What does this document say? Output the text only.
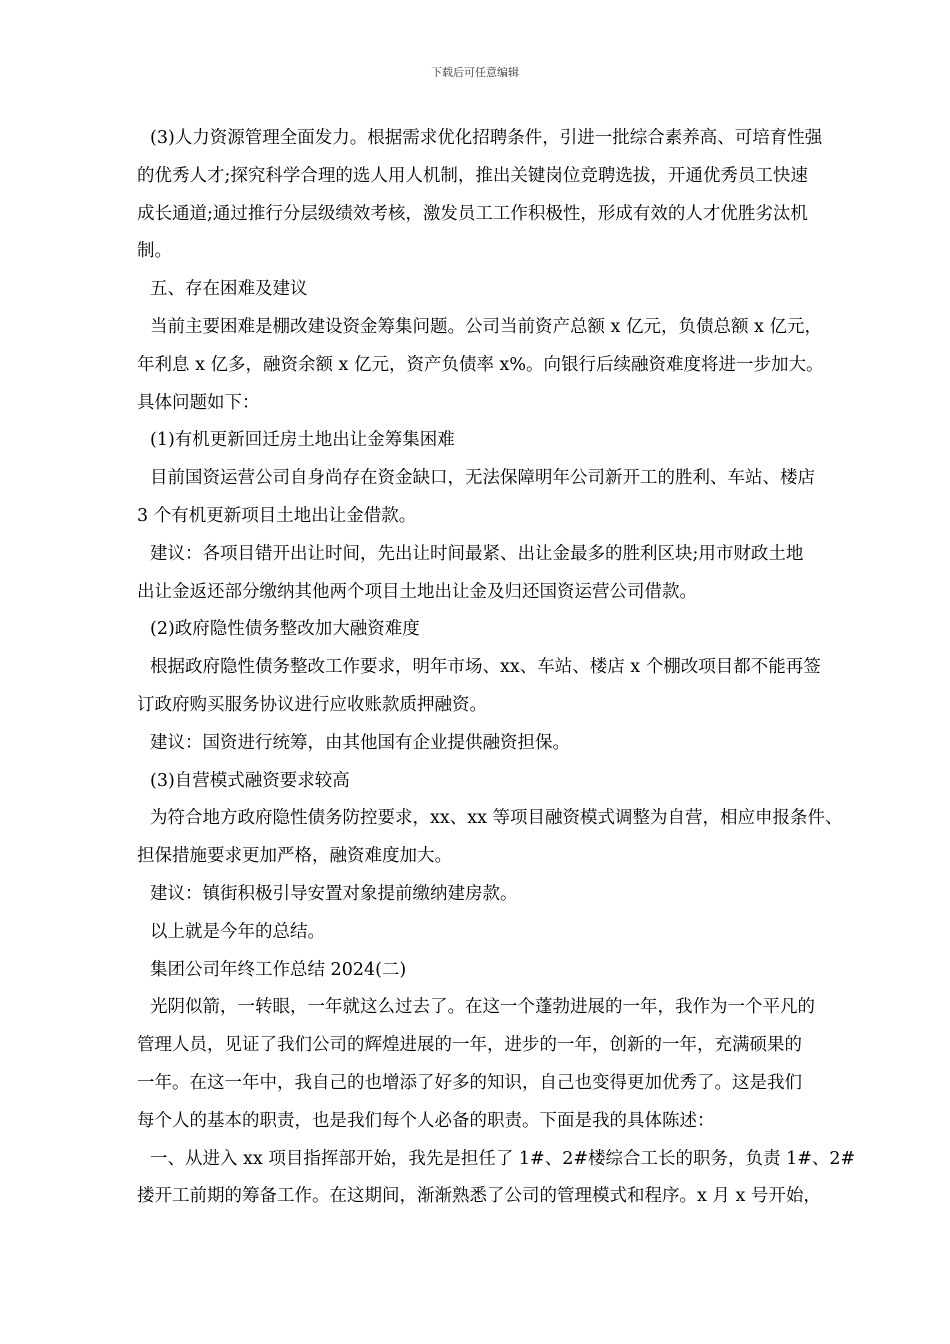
下载后可任意编辑
(3)人力资源管理全面发力。根据需求优化招聘条件，引进一批综合素养高、可培育性强
的优秀人才;探究科学合理的选人用人机制，推出关键岗位竞聘选拔，开通优秀员工快速
成长通道;通过推行分层级绩效考核，激发员工工作积极性，形成有效的人才优胜劣汰机
制。
五、存在困难及建议
当前主要困难是棚改建设资金筹集问题。公司当前资产总额 x 亿元，负债总额 x 亿元，
年利息 x 亿多，融资余额 x 亿元，资产负债率 x%。向银行后续融资难度将进一步加大。
具体问题如下：
(1)有机更新回迁房土地出让金筹集困难
目前国资运营公司自身尚存在资金缺口，无法保障明年公司新开工的胜利、车站、楼店
3 个有机更新项目土地出让金借款。
建议：各项目错开出让时间，先出让时间最紧、出让金最多的胜利区块;用市财政土地
出让金返还部分缴纳其他两个项目土地出让金及归还国资运营公司借款。
(2)政府隐性债务整改加大融资难度
根据政府隐性债务整改工作要求，明年市场、xx、车站、楼店 x 个棚改项目都不能再签
订政府购买服务协议进行应收账款质押融资。
建议：国资进行统筹，由其他国有企业提供融资担保。
(3)自营模式融资要求较高
为符合地方政府隐性债务防控要求，xx、xx 等项目融资模式调整为自营，相应申报条件、
担保措施要求更加严格，融资难度加大。
建议：镇街积极引导安置对象提前缴纳建房款。
以上就是今年的总结。
集团公司年终工作总结 2024(二)
光阴似箭，一转眼，一年就这么过去了。在这一个蓬勃进展的一年，我作为一个平凡的
管理人员，见证了我们公司的辉煌进展的一年，进步的一年，创新的一年，充满硕果的
一年。在这一年中，我自己的也增添了好多的知识，自己也变得更加优秀了。这是我们
每个人的基本的职责，也是我们每个人必备的职责。下面是我的具体陈述：
一、从进入 xx 项目指挥部开始，我先是担任了 1#、2#楼综合工长的职务，负责 1#、2#
搂开工前期的筹备工作。在这期间，渐渐熟悉了公司的管理模式和程序。x 月 x 号开始，
